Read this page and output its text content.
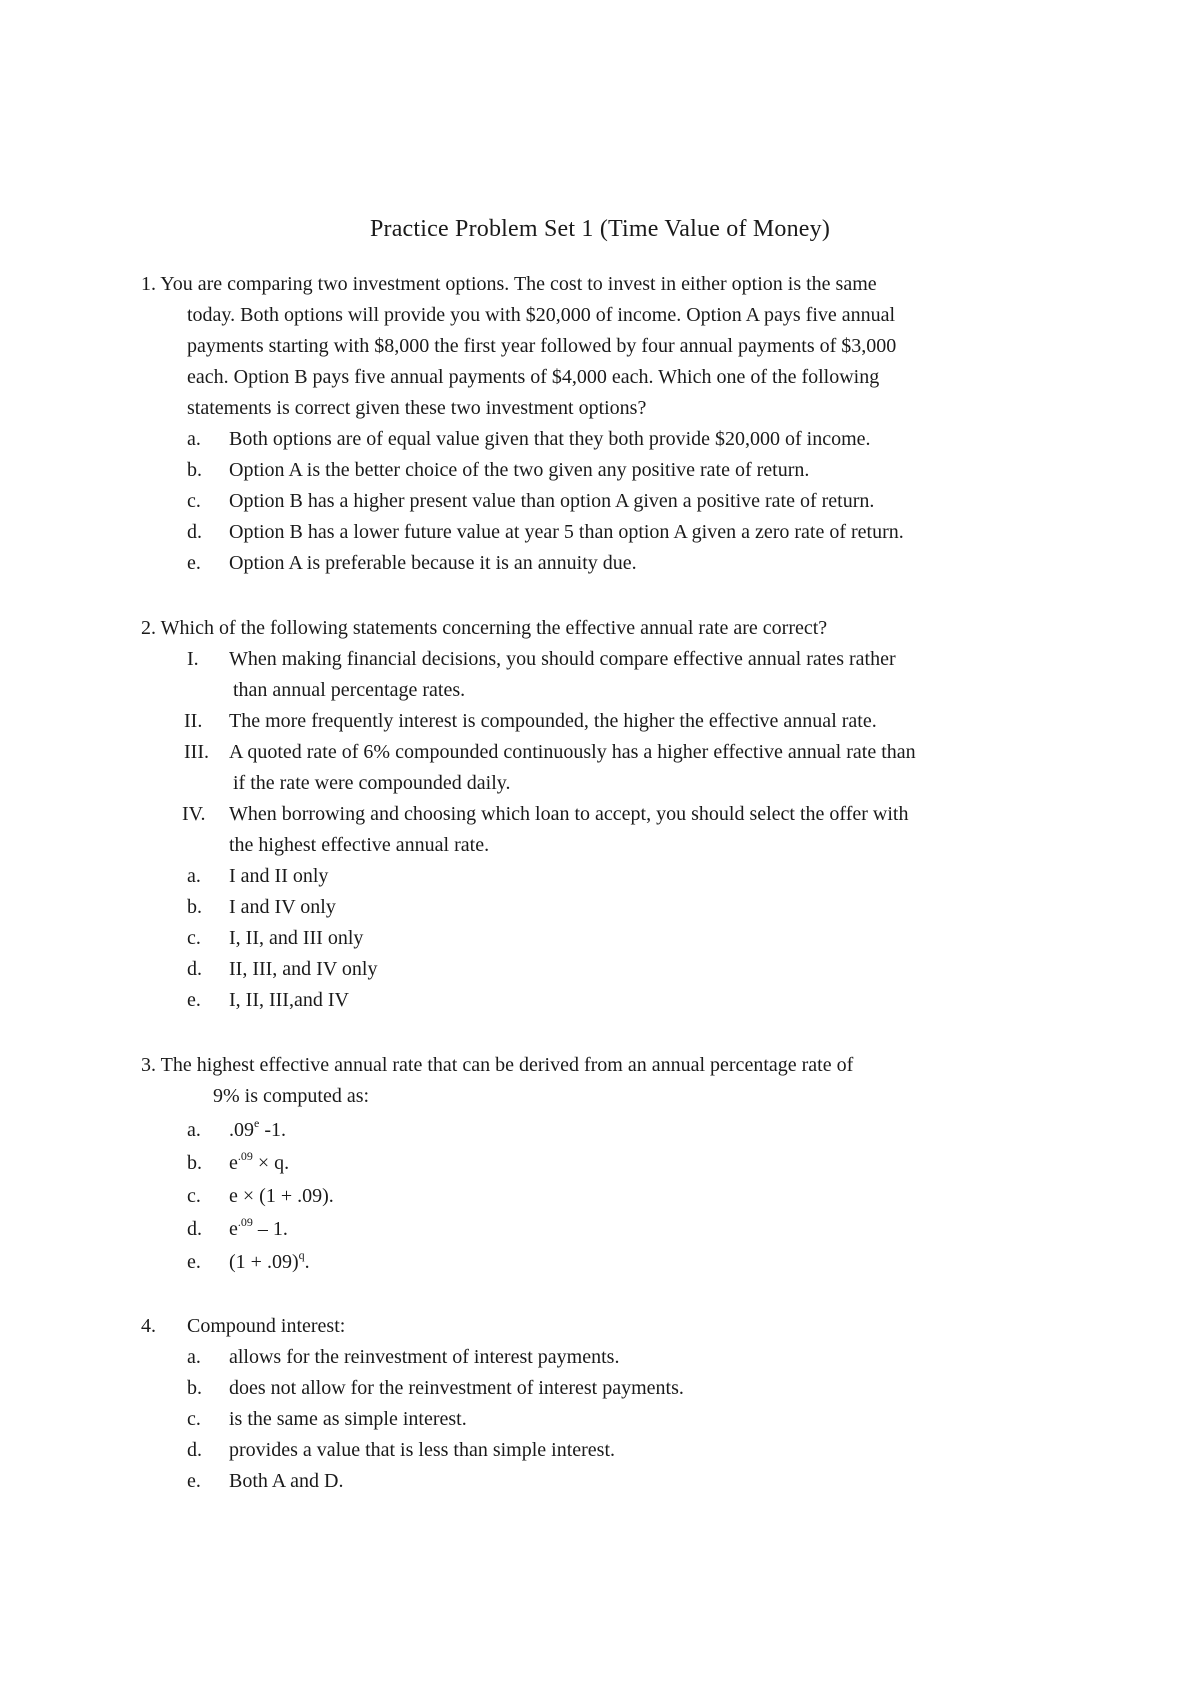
Practice Problem Set 1 (Time Value of Money)
1. You are comparing two investment options. The cost to invest in either option is the same
today. Both options will provide you with $20,000 of income. Option A pays five annual
payments starting with $8,000 the first year followed by four annual payments of $3,000
each. Option B pays five annual payments of $4,000 each. Which one of the following
statements is correct given these two investment options?
a. Both options are of equal value given that they both provide $20,000 of income.
b. Option A is the better choice of the two given any positive rate of return.
c. Option B has a higher present value than option A given a positive rate of return.
d. Option B has a lower future value at year 5 than option A given a zero rate of return.
e. Option A is preferable because it is an annuity due.
2. Which of the following statements concerning the effective annual rate are correct?
I. When making financial decisions, you should compare effective annual rates rather
than annual percentage rates.
II. The more frequently interest is compounded, the higher the effective annual rate.
III. A quoted rate of 6% compounded continuously has a higher effective annual rate than
if the rate were compounded daily.
IV. When borrowing and choosing which loan to accept, you should select the offer with
the highest effective annual rate.
a. I and II only
b. I and IV only
c. I, II, and III only
d. II, III, and IV only
e. I, II, III,and IV
3. The highest effective annual rate that can be derived from an annual percentage rate of
9% is computed as:
a. .09e -1.
b. $e^{.09} \times q$.
c. e × (1 + .09).
d. $e^{.09} - 1$.
e. $(1 + .09)^q$.
4. Compound interest:
a. allows for the reinvestment of interest payments.
b. does not allow for the reinvestment of interest payments.
c. is the same as simple interest.
d. provides a value that is less than simple interest.
e. Both A and D.
